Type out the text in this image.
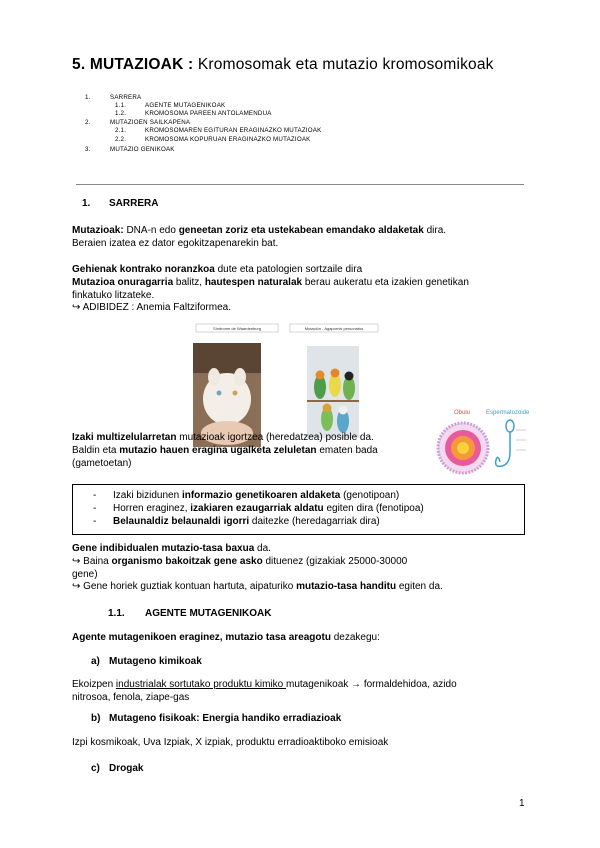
5. MUTAZIOAK : Kromosomak eta mutazio kromosomikoak
1.	SARRERA
1.1.	AGENTE MUTAGENIKOAK
1.2.	KROMOSOMA PAREEN ANTOLAMENDUA
2.	MUTAZIOEN SAILKAPENA
2.1.	KROMOSOMAREN EGITURAN ERAGINAZKO MUTAZIOAK
2.2.	KROMOSOMA KOPURUAN ERAGINAZKO MUTAZIOAK
3.	MUTAZIO GENIKOAK
1. SARRERA
Mutazioak: DNA-n edo geneetan zoriz eta ustekabean emandako aldaketak dira.
Beraien izatea ez dator egokitzapenarekin bat.
Gehienak kontrako noranzkoa dute eta patologien sortzaile dira
Mutazioa onuragarria balitz, hautespen naturalak berau aukeratu eta izakien genetikan
finkatuko litzateke.
↪ ADIBIDEZ : Anemia Faltziformea.
Síndrome de Waardenburg	Mutación - Agapornis personatus
Obulu	Espermatozoide
Izaki multizelularretan mutazioak igortzea (heredatzea) posible da.
Baldin eta mutazio hauen eragina ugalketa zeluletan ematen bada
(gametoetan)
- Izaki bizidunen informazio genetikoaren aldaketa (genotipoan)
- Horren eraginez, izakiaren ezaugarriak aldatu egiten dira (fenotipoa)
- Belaunaldiz belaunaldi igorri daitezke (heredagarriak dira)
Gene indibidualen mutazio-tasa baxua da.
↪ Baina organismo bakoitzak gene asko dituenez (gizakiak 25000-30000
gene)
↪ Gene horiek guztiak kontuan hartuta, aipaturiko mutazio-tasa handitu egiten da.
1.1. AGENTE MUTAGENIKOAK
Agente mutagenikoen eraginez, mutazio tasa areagotu dezakegu:
a) Mutageno kimikoak
Ekoizpen industrialak sortutako produktu kimiko mutagenikoak → formaldehidoa, azido
nitrosoa, fenola, ziape-gas
b) Mutageno fisikoak: Energia handiko erradiazioak
Izpi kosmikoak, Uva Izpiak, X izpiak, produktu erradioaktiboko emisioak
c) Drogak
1
